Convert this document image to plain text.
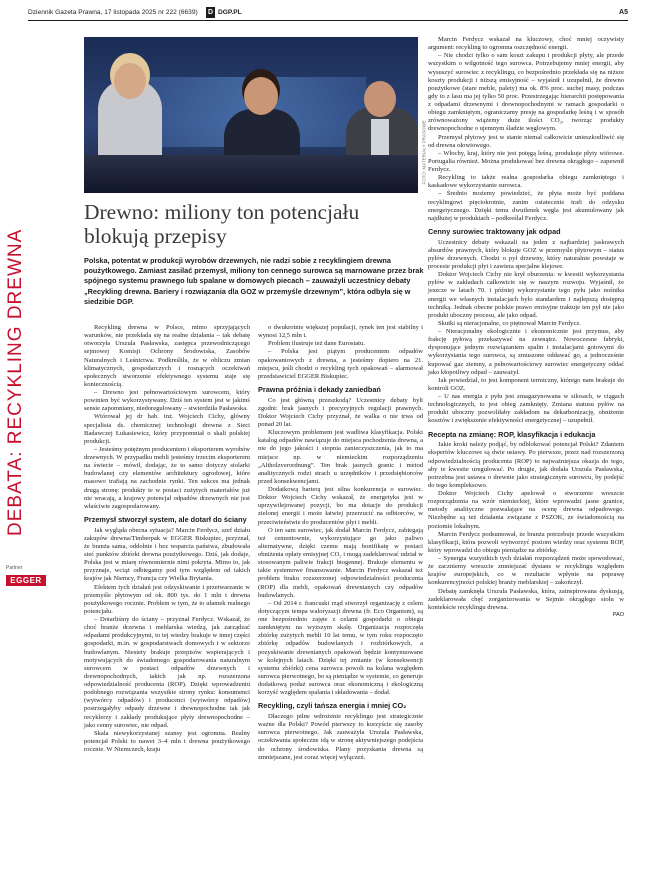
Dziennik Gazeta Prawna, 17 listopada 2025 nr 222 (6639) D DGP.PL	A5
DEBATA: RECYKLING DREWNA
Partner
EGGER
FOTO: MATERIAŁY PRASOWE
Drewno: miliony ton potencjału blokują przepisy

Polska, potentat w produkcji wyrobów drzewnych, nie radzi sobie z recyklingiem drewna poużytkowego. Zamiast zasilać przemysł, miliony ton cennego surowca są marnowane przez brak spójnego systemu prawnego lub spalane w domowych piecach – zauważyli uczestnicy debaty „Recykling drewna. Bariery i rozwiązania dla GOZ w przemyśle drzewnym”, która odbyła się w siedzibie DGP.

Recykling drewna w Polsce, mimo sprzyjających warunków, nie przekłada się na realne działania – tak debatę otworzyła Urszula Pasławska, zastępca przewodniczącego sejmowej Komisji Ochrony Środowiska, Zasobów Naturalnych i Leśnictwa. Podkreśliła, że w obliczu zmian klimatycznych, gospodarczych i rosnących oczekiwań społecznych stworzenie efektywnego systemu staje się koniecznością.

– Drewno jest pełnowartościowym surowcem, który powinien być wykorzystywany. Dziś ten system jest w jakimś sensie zapomniany, niedoregulowany – stwierdziła Pasławska.

Wtórował jej dr hab. inż. Wojciech Cichy, główny specjalista ds. chemicznej technologii drewna z Sieci Badawczej Łukasiewicz, który przypomniał o skali polskiej produkcji.

– Jesteśmy potężnym producentem i eksporterem wyrobów drzewnych. W przypadku mebli jesteśmy trzecim eksporterem na świecie – mówił, dodając, że to samo dotyczy stolarki budowlanej czy elementów architektury ogrodowej, które masowo trafiają na zachodnie rynki. Ten sukces ma jednak drugą stronę: produkty te w postaci zużytych materiałów już nie wracają, a krajowy potencjał odpadów drzewnych nie jest właściwie zagospodarowany.

Przemysł stworzył system, ale dotarł do ściany

Jak wygląda obecna sytuacja? Marcin Ferdycz, szef działu zakupów drewna/Timberpak w EGGER Biskupiec, przyznał, że branża sama, oddolnie i bez wsparcia państwa, zbudowała sieć punktów zbiórki drewna poużytkowego. Dziś, jak dodaje, Polska jest w miarę równomiernie nimi pokryta. Mimo to, jak przyznaje, wciąż odbiegamy pod tym względem od takich krajów jak Niemcy, Francja czy Wielka Brytania.

Efektem tych działań jest odzyskiwanie i przetwarzanie w przemyśle płytowym od ok. 800 tys. do 1 mln t drewna poużytkowego rocznie. Problem w tym, że to ułamek realnego potencjału.

– Dotarliśmy do ściany – przyznał Ferdycz. Wskazał, że choć branże drzewna i meblarska wiedzą, jak zarządzać odpadami produkcyjnymi, to tej wiedzy brakuje w innej części gospodarki, m.in. w gospodarstwach domowych i w sektorze budowlanym. Niestety brakuje przepisów wspierających i motywujących do świadomego gospodarowania naturalnym surowcem w postaci odpadów drzewnych i drewnopochodnych, takich jak np. rozszerzona odpowiedzialność producenta (ROP). Dzięki wprowadzeniu podobnego rozwiązania wszystkie strony rynku: konsumenci (wytwórcy odpadów) i producenci (wytwórcy odpadów) postrzegałyby odpady drzewne i drewnopochodne tak jak recyklerzy i zakłady produkujące płyty drewnopochodne – jako cenny surowiec, nie odpad.

Skala niewykorzystanej szansy jest ogromna. Realny potencjał Polski to nawet 3–4 mln t drewna poużytkowego rocznie. W Niemczech, kraju

o dwukrotnie większej populacji, rynek ten jest stabilny i wynosi 12,5 mln t.

Problem ilustruje też dane Eurostatu.

– Polska jest piątym producentem odpadów opakowaniowych z drewna, a jesteśmy dopiero na 21. miejscu, jeśli chodzi o recykling tych opakowań – alarmował przedstawiciel EGGER Biskupiec.

Prawna próżnia i dekady zaniedbań

Co jest główną przeszkodą? Uczestnicy debaty byli zgodni: brak jasnych i precyzyjnych regulacji prawnych. Doktor Wojciech Cichy przyznał, że walka o nie trwa od ponad 20 lat.

Kluczowym problemem jest wadliwa klasyfikacja. Polski katalog odpadów nawiązuje do miejsca pochodzenia drewna, a nie do jego jakości i stopnia zanieczyszczenia, jak to ma miejsce np. w niemieckim rozporządzeniu „Altholzverordnung”. Ten brak jasnych granic i metod analitycznych rodzi strach u urzędników i przedsiębiorców przed konsekwencjami.

Dodatkową barierą jest silna konkurencja o surowiec. Doktor Wojciech Cichy wskazał, że energetyka jest w uprzywilejowanej pozycji, bo ma dotacje do produkcji zielonej energii i może łatwiej przerzucić na odbiorców, w przeciwieństwie do producentów płyt i mebli.

O ten sam surowiec, jak dodał Marcin Ferdycz, zabiegają też cementownie, wykorzystujące go jako paliwo alternatywne, dzięki czemu mają bonifikatę w postaci obniżenia opłaty emisyjnej CO₂ i mogą zadeklarować udział w stosowanym paliwie frakcji biogennej. Brakuje elementu w takie systemowe finansowanie. Marcin Ferdycz wskazał też problem braku rozszerzonej odpowiedzialności producenta (ROP) dla mebli, opakowań drewnianych czy odpadów budowlanych.

– Od 2014 r. francuski rząd stworzył organizację z celem dotyczącym tempa waloryzacji drewna (fr. Eco Organism), są one bezpośrednio zajęte z celami gospodarki o obiegu zamkniętym na wyższym skalę. Organizacja rozpoczęła zbiórkę zużytych mebli 10 lat temu, w tym roku rozpoczęto zbiórkę odpadów budowlanych i rozbiórkowych, a pozyskiwanie drewnianych opakowań będzie kontynuowane w kolejnych latach. Dzięki tej zmianie (w konsekwencji systemu zbiórki) cena surowca powoli na kolana względem surowca pierwotnego, bo są pieniądze w systemie, co generuje dodatkową podaż surowca oraz ekonomiczną i ekologiczną korzyść względem spalania i składowania – dodał.

Recykling, czyli tańsza energia i mniej CO₂

Dlaczego pilne wdrożenie recyklingu jest strategicznie ważne dla Polski? Powód pierwszy to korzyście się zasoby surowca pierwotnego. Jak zauważyła Urszula Pasławska, oczekiwania społeczne idą w stronę aktywniejszego podejścia do ochrony środowiska. Plany pozyskania drewna są zmniejszane, jest coraz więcej wyłączeń.

Marcin Ferdycz wskazał na kluczowy, choć mniej oczywisty argument: recykling to ogromna oszczędność energii.

– Nie chodzi tylko o sam koszt zakupu i produkcji płyty, ale przede wszystkim o wilgotność tego surowca. Potrzebujemy mniej energii, aby wysuszyć surowiec z recyklingu, co bezpośrednio przekłada się na niższe koszty produkcji i niższą emisyjność – wyjaśnił i uzupełnił, że drewno poużytkowe (stare meble, palety) ma ok. 8% proc. suchej masy, podczas gdy to z lasu ma jej tylko 50 proc. Przestrzegając hierarchii postępowania z odpadami drzewnymi i drewnopochodnymi w ramach gospodarki o obiegu zamkniętym, ograniczamy presję na gospodarkę leśną i w sposób zrównoważony wiążemy duże ilości CO₂, tworząc produkty drewnopochodne o ujemnym śladzie węglowym.

Przemysł płytowy jest w stanie niemal całkowicie unieszkodliwić się od drewna ołowiowego.

– Włochy, kraj, który nie jest potęgą leśną, produkuje płyty wiórowe. Portugalia również. Można produkować bez drewna okrągłego – zapewnił Ferdycz.

Recykling to także realna gospodarka obiegu zamkniętego i kaskadowe wykorzystanie surowca.

– Średnio możemy powiedzieć, że płyta może być poddana recyklingowi pięciokrotnie, zanim ostatecznie trafi do odzysku energetycznego. Dzięki temu dwutlenek węgla jest akumulowany jak najdłużej w produktach – podkreślał Ferdycz.

Cenny surowiec traktowany jak odpad

Uczestnicy debaty wskazali na jeden z najbardziej jaskrawych absurdów prawnych, który blokuje GOZ w przemyśle płytowym – status pyłów drzewnych. Chodzi o pył drzewny, który naturalnie powstaje w procesie produkcji płyt i zawiera specjalne klejowe.

Doktor Wojciech Cichy nie krył oburzenia: w kwestii wykorzystania pyłów w zakładach całkowicie się w naszym rozwoju. Wyjaśnił, że jeszcze w latach 70. i później wykorzystanie tego pyłu jako nośnika energii we własnych instalacjach było standardem i najlepszą dostępną techniką. Jednak obecne polskie prawo emisyjne traktuje ten pył nie jako produkt uboczny procesu, ale jako odpad.

Skutki są nieracjonalne, co piętnował Marcin Ferdycz.

– Nieracjonalny ekologicznie i ekonomicznie jest przymus, aby frakcję pyłową przekazywać na zewnątrz. Nowoczesne fabryki, dysponujące jednym rozwiązaniem spalin i instalacjami gotowymi do wykorzystania tego surowca, są zmuszone oddawać go, a jednocześnie kupować gaz ziemny, a pełnowartościowy surowiec energetyczny oddać jako kłopotliwy odpad – zauważył.

Jak powiedział, to jest komponent termiczny, którego nam brakuje do kontroli GOZ.

– U nas energia z pyłu jest zmagazynowana w silosach, w ciągach technologicznych, to jest obieg zamknięty. Zmiana statusu pyłów na produkt uboczny pozwoliłaby zakładom na dekarbonizację, obniżenie kosztów i zwiększenie efektywności energetycznej – uzupełnił.

Recepta na zmianę: ROP, klasyfikacja i edukacja

Jakie kroki należy podjąć, by odblokować potencjał Polski? Zdaniem ekspertów kluczowe są dwie ustawy. Po pierwsze, przez nad rozszerzoną odpowiedzialnością producenta (ROP) to najważniejsza okazja do tego, aby te kwestie uregulować. Po drugie, jak dodała Urszula Pasławska, potrzebna jest ustawa o drewnie jako strategicznym surowcu, by podejść do tego kompleksowo.

Doktor Wojciech Cichy apelował o stworzenie wreszcie rozporządzenia na wzór niemieckiej, które wprowadzi jasne granice, metody analityczne pozwalające na ocenę drewna odpadowego. Niezbędne są też działania związane z PSZOK, ze świadomością na poziomie lokalnym.

Marcin Ferdycz podsumował, że branża potrzebuje przede wszystkim klasyfikacji, która pozwoli wytworzyć poziom wiedzy oraz systemu ROP, który wprowadzi do obiegu pieniądze na zbiórkę.

– Synergia wszystkich tych działań rozporządzeń może spowodować, że zaczniemy wreszcie zmniejszać dystans w recyklingu względem krajów europejskich, co w rezultacie wpłynie na poprawę konkurencyjności polskiej branży meblarskiej – zakończył.

Debatę zamknęła Urszula Pasławska, która, zainspirowana dyskusją, zadeklarowała chęć zorganizowania w Sejmie okrągłego stołu w kontekście recyklingu drewna.

PAO
